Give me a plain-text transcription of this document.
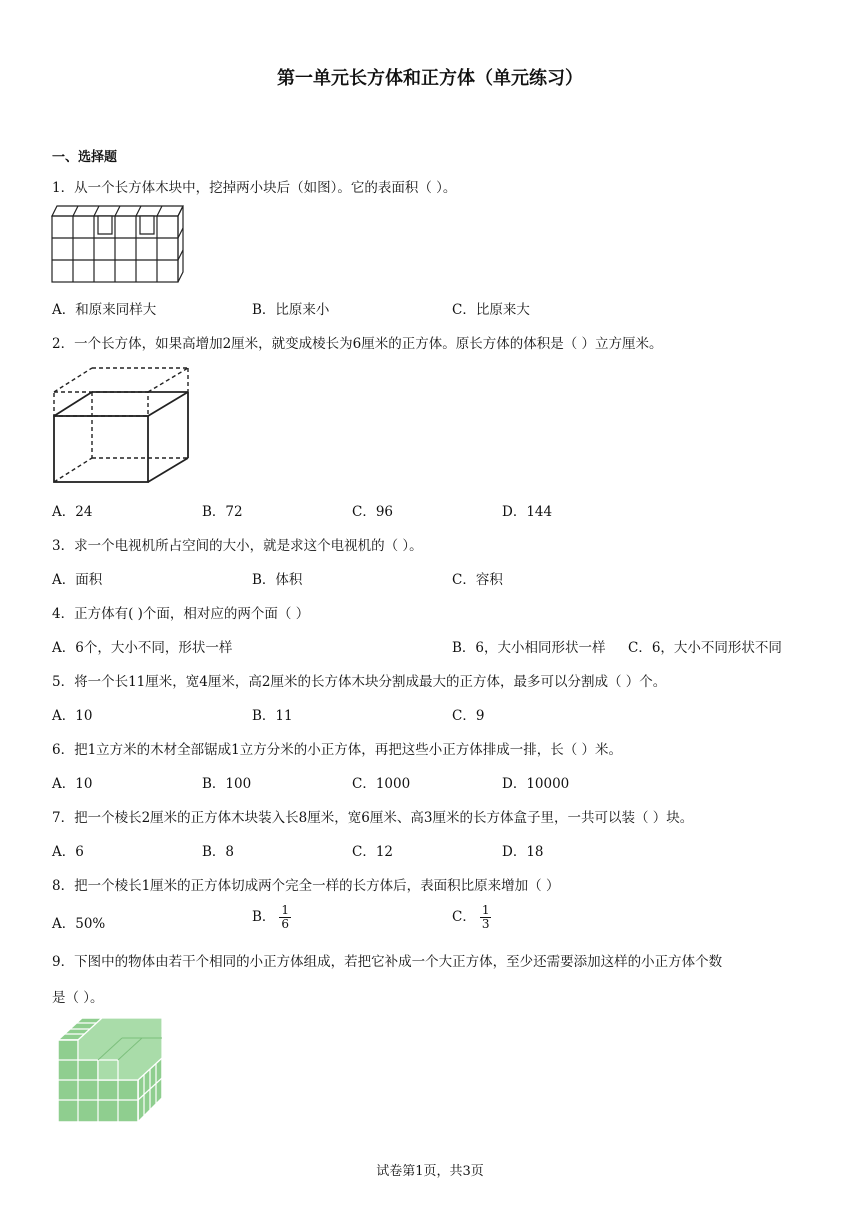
第一单元长方体和正方体（单元练习）
一、选择题
1．从一个长方体木块中，挖掉两小块后（如图）。它的表面积（ ）。
A．和原来同样大	B．比原来小	C．比原来大
2．一个长方体，如果高增加2厘米，就变成棱长为6厘米的正方体。原长方体的体积是（ ）立方厘米。
A．24	B．72	C．96	D．144
3．求一个电视机所占空间的大小，就是求这个电视机的（ ）。
A．面积	B．体积	C．容积
4．正方体有( )个面，相对应的两个面（ ）
A．6个，大小不同，形状一样	B．6，大小相同形状一样 C．6，大小不同形状不同
5．将一个长11厘米，宽4厘米，高2厘米的长方体木块分割成最大的正方体，最多可以分割成（ ）个。
A．10	B．11	C．9
6．把1立方米的木材全部锯成1立方分米的小正方体，再把这些小正方体排成一排，长（ ）米。
A．10	B．100	C．1000	D．10000
7．把一个棱长2厘米的正方体木块装入长8厘米，宽6厘米、高3厘米的长方体盒子里，一共可以装（ ）块。
A．6	B．8	C．12	D．18
8．把一个棱长1厘米的正方体切成两个完全一样的长方体后，表面积比原来增加（ ）
A．50%	B． $\frac{1}{6}$	C． $\frac{1}{3}$
9．下图中的物体由若干个相同的小正方体组成，若把它补成一个大正方体，至少还需要添加这样的小正方体个数
是（ ）。
试卷第1页，共3页
